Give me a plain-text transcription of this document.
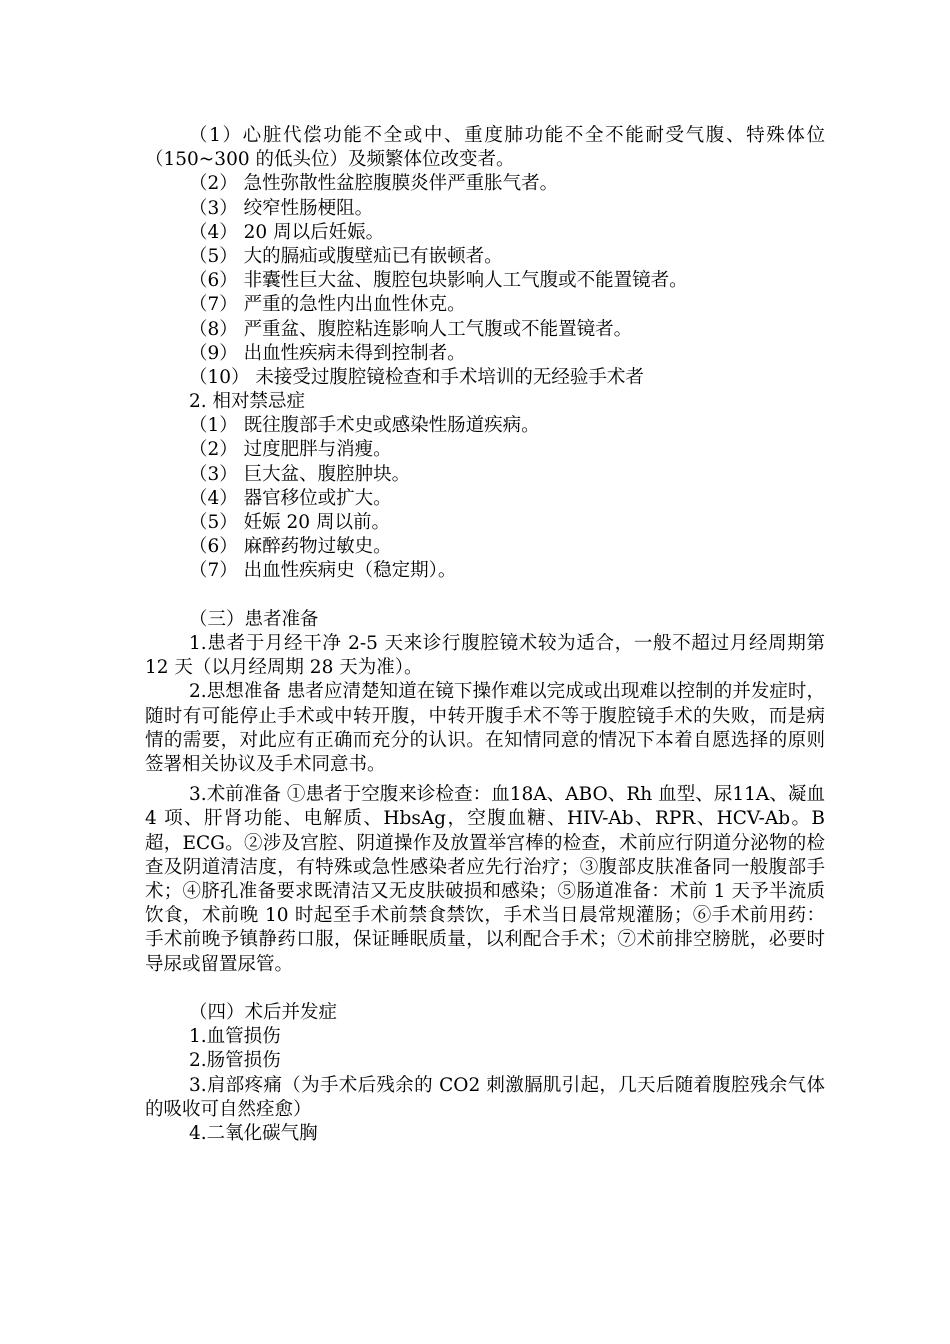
（1）心脏代偿功能不全或中、重度肺功能不全不能耐受气腹、特殊体位（150~300 的低头位）及频繁体位改变者。
（2） 急性弥散性盆腔腹膜炎伴严重胀气者。
（3） 绞窄性肠梗阻。
（4） 20 周以后妊娠。
（5） 大的膈疝或腹壁疝已有嵌顿者。
（6） 非囊性巨大盆、腹腔包块影响人工气腹或不能置镜者。
（7） 严重的急性内出血性休克。
（8） 严重盆、腹腔粘连影响人工气腹或不能置镜者。
（9） 出血性疾病未得到控制者。
（10） 未接受过腹腔镜检查和手术培训的无经验手术者
2. 相对禁忌症
（1） 既往腹部手术史或感染性肠道疾病。
（2） 过度肥胖与消瘦。
（3） 巨大盆、腹腔肿块。
（4） 器官移位或扩大。
（5） 妊娠 20 周以前。
（6） 麻醉药物过敏史。
（7） 出血性疾病史（稳定期）。
（三）患者准备
1.患者于月经干净 2-5 天来诊行腹腔镜术较为适合，一般不超过月经周期第 12 天（以月经周期 28 天为准）。
2.思想准备 患者应清楚知道在镜下操作难以完成或出现难以控制的并发症时，随时有可能停止手术或中转开腹，中转开腹手术不等于腹腔镜手术的失败，而是病情的需要，对此应有正确而充分的认识。在知情同意的情况下本着自愿选择的原则签署相关协议及手术同意书。
3.术前准备 ①患者于空腹来诊检查：血18A、ABO、Rh 血型、尿11A、凝血 4 项、肝肾功能、电解质、HbsAg，空腹血糖、HIV-Ab、RPR、HCV-Ab。B 超，ECG。②涉及宫腔、阴道操作及放置举宫棒的检查，术前应行阴道分泌物的检查及阴道清洁度，有特殊或急性感染者应先行治疗；③腹部皮肤准备同一般腹部手术；④脐孔准备要求既清洁又无皮肤破损和感染；⑤肠道准备：术前 1 天予半流质饮食，术前晚 10 时起至手术前禁食禁饮，手术当日晨常规灌肠；⑥手术前用药：手术前晚予镇静药口服，保证睡眠质量，以利配合手术；⑦术前排空膀胱，必要时导尿或留置尿管。
（四）术后并发症
1.血管损伤
2.肠管损伤
3.肩部疼痛（为手术后残余的 CO2 刺激膈肌引起，几天后随着腹腔残余气体的吸收可自然痊愈）
4.二氧化碳气胸
